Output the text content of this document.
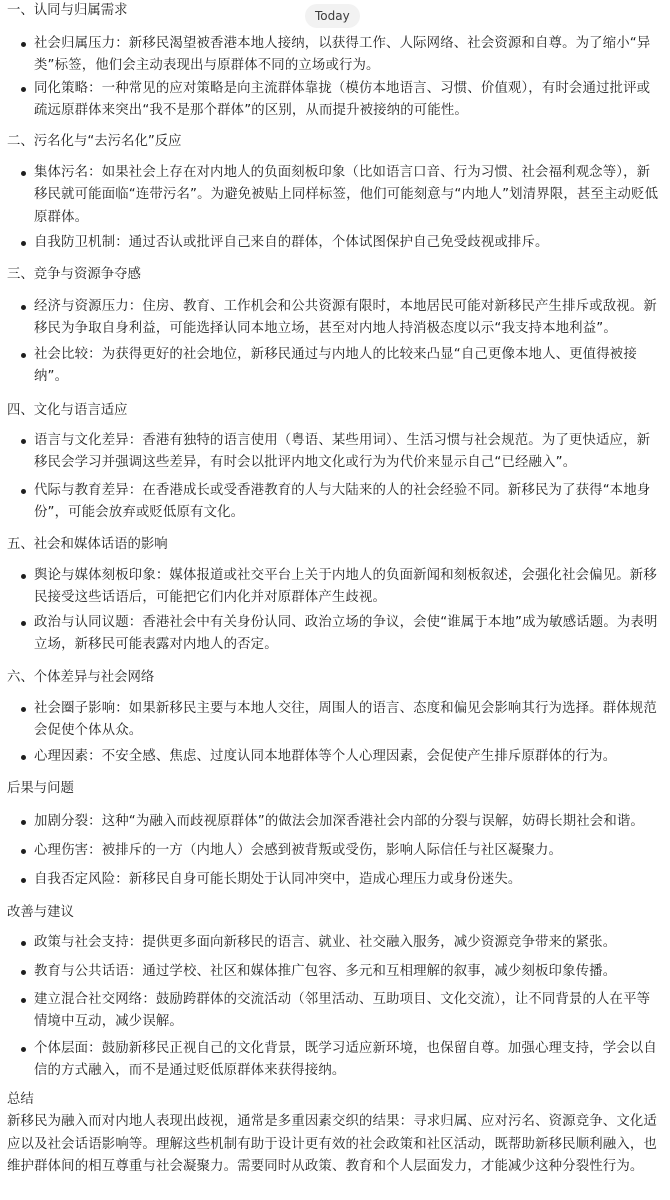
Today
一、认同与归属需求
社会归属压力：新移民渴望被香港本地人接纳，以获得工作、人际网络、社会资源和自尊。为了缩小“异类”标签，他们会主动表现出与原群体不同的立场或行为。
同化策略：一种常见的应对策略是向主流群体靠拢（模仿本地语言、习惯、价值观），有时会通过批评或疏远原群体来突出“我不是那个群体”的区别，从而提升被接纳的可能性。
二、污名化与“去污名化”反应
集体污名：如果社会上存在对内地人的负面刻板印象（比如语言口音、行为习惯、社会福利观念等），新移民就可能面临“连带污名”。为避免被贴上同样标签，他们可能刻意与“内地人”划清界限，甚至主动贬低原群体。
自我防卫机制：通过否认或批评自己来自的群体，个体试图保护自己免受歧视或排斥。
三、竞争与资源争夺感
经济与资源压力：住房、教育、工作机会和公共资源有限时，本地居民可能对新移民产生排斥或敌视。新移民为争取自身利益，可能选择认同本地立场，甚至对内地人持消极态度以示“我支持本地利益”。
社会比较：为获得更好的社会地位，新移民通过与内地人的比较来凸显“自己更像本地人、更值得被接纳”。
四、文化与语言适应
语言与文化差异：香港有独特的语言使用（粤语、某些用词）、生活习惯与社会规范。为了更快适应，新移民会学习并强调这些差异，有时会以批评内地文化或行为为代价来显示自己“已经融入”。
代际与教育差异：在香港成长或受香港教育的人与大陆来的人的社会经验不同。新移民为了获得“本地身份”，可能会放弃或贬低原有文化。
五、社会和媒体话语的影响
舆论与媒体刻板印象：媒体报道或社交平台上关于内地人的负面新闻和刻板叙述，会强化社会偏见。新移民接受这些话语后，可能把它们内化并对原群体产生歧视。
政治与认同议题：香港社会中有关身份认同、政治立场的争议，会使“谁属于本地”成为敏感话题。为表明立场，新移民可能表露对内地人的否定。
六、个体差异与社会网络
社会圈子影响：如果新移民主要与本地人交往，周围人的语言、态度和偏见会影响其行为选择。群体规范会促使个体从众。
心理因素：不安全感、焦虑、过度认同本地群体等个人心理因素，会促使产生排斥原群体的行为。
后果与问题
加剧分裂：这种“为融入而歧视原群体”的做法会加深香港社会内部的分裂与误解，妨碍长期社会和谐。
心理伤害：被排斥的一方（内地人）会感到被背叛或受伤，影响人际信任与社区凝聚力。
自我否定风险：新移民自身可能长期处于认同冲突中，造成心理压力或身份迷失。
改善与建议
政策与社会支持：提供更多面向新移民的语言、就业、社交融入服务，减少资源竞争带来的紧张。
教育与公共话语：通过学校、社区和媒体推广包容、多元和互相理解的叙事，减少刻板印象传播。
建立混合社交网络：鼓励跨群体的交流活动（邻里活动、互助项目、文化交流），让不同背景的人在平等情境中互动，减少误解。
个体层面：鼓励新移民正视自己的文化背景，既学习适应新环境，也保留自尊。加强心理支持，学会以自信的方式融入，而不是通过贬低原群体来获得接纳。
总结
新移民为融入而对内地人表现出歧视，通常是多重因素交织的结果：寻求归属、应对污名、资源竞争、文化适应以及社会话语影响等。理解这些机制有助于设计更有效的社会政策和社区活动，既帮助新移民顺利融入，也维护群体间的相互尊重与社会凝聚力。需要同时从政策、教育和个人层面发力，才能减少这种分裂性行为。
